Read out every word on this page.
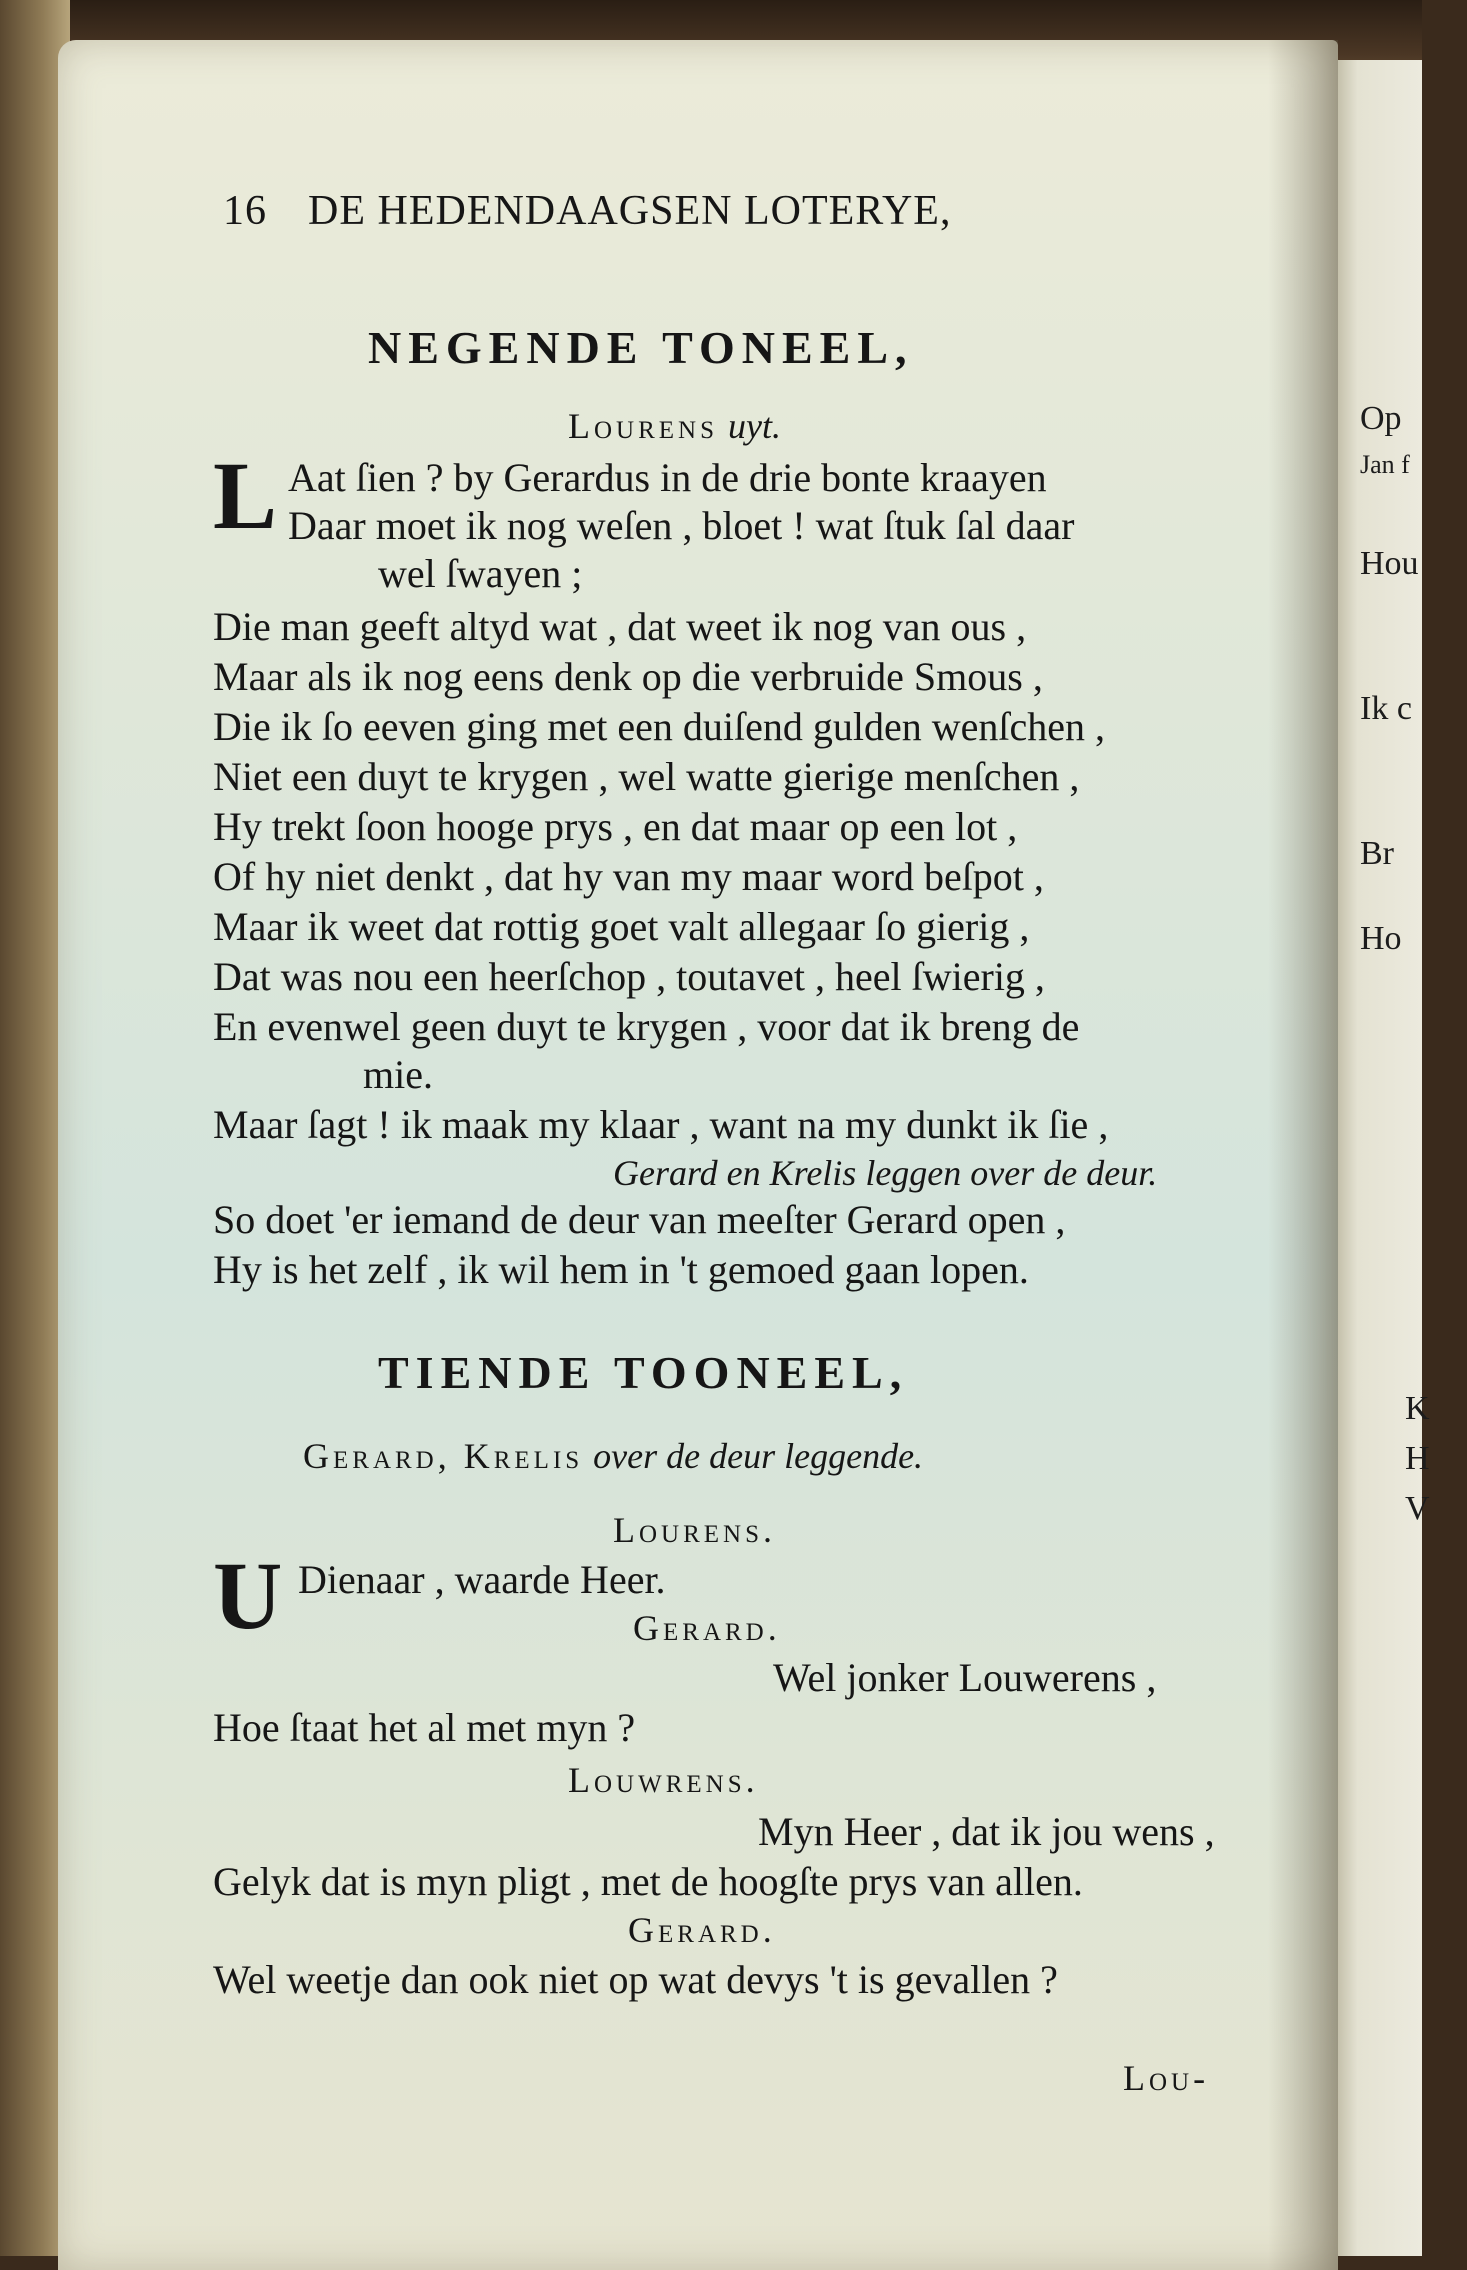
Op
Jan f
Hou
Ik c
Br
Ho
K
H
V
16 DE HEDENDAAGSEN LOTERYE,
NEGENDE TONEEL,
Lourens uyt.
L Aat ſien ? by Gerardus in de drie bonte kraayen
Daar moet ik nog weſen , bloet ! wat ſtuk ſal daar
wel ſwayen ;
Die man geeft altyd wat , dat weet ik nog van ous ,
Maar als ik nog eens denk op die verbruide Smous ,
Die ik ſo eeven ging met een duiſend gulden wenſchen ,
Niet een duyt te krygen , wel watte gierige menſchen ,
Hy trekt ſoon hooge prys , en dat maar op een lot ,
Of hy niet denkt , dat hy van my maar word beſpot ,
Maar ik weet dat rottig goet valt allegaar ſo gierig ,
Dat was nou een heerſchop , toutavet , heel ſwierig ,
En evenwel geen duyt te krygen , voor dat ik breng de
mie.
Maar ſagt ! ik maak my klaar , want na my dunkt ik ſie ,
Gerard en Krelis leggen over de deur.
So doet 'er iemand de deur van meeſter Gerard open ,
Hy is het zelf , ik wil hem in 't gemoed gaan lopen.
TIENDE TOONEEL,
Gerard, Krelis over de deur leggende.
Lourens.
U Dienaar , waarde Heer.
Gerard.
Wel jonker Louwerens ,
Hoe ſtaat het al met myn ?
Louwrens.
Myn Heer , dat ik jou wens ,
Gelyk dat is myn pligt , met de hoogſte prys van allen.
Gerard.
Wel weetje dan ook niet op wat devys 't is gevallen ?
Lou-
